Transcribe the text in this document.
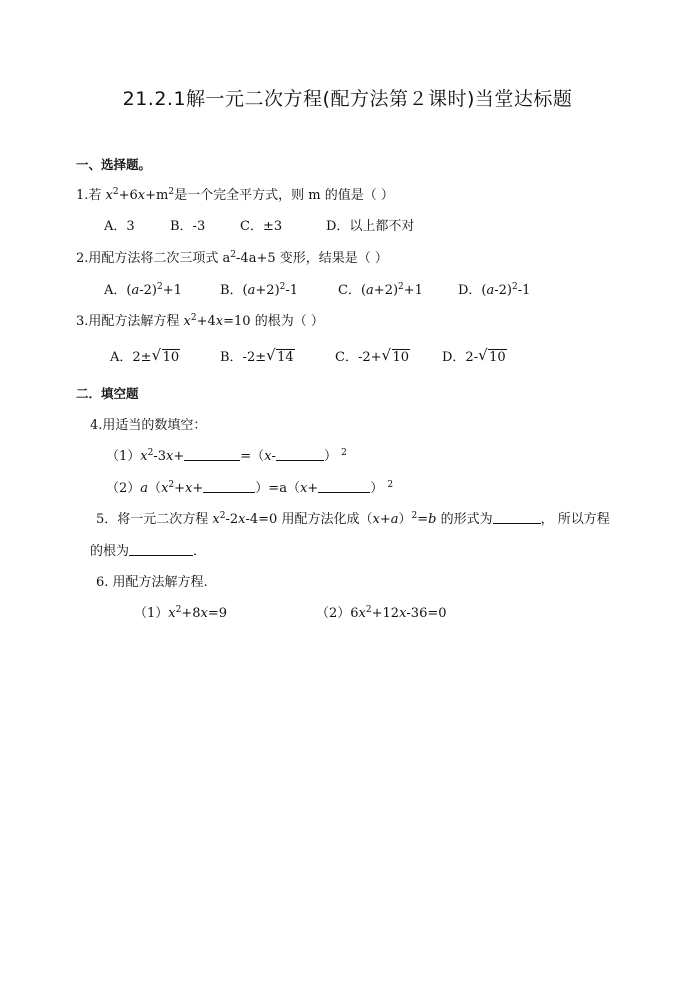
21.2.1解一元二次方程(配方法第２课时)当堂达标题
一、选择题。
1.若 $x^2+6x+m^2$是一个完全平方式，则 m 的值是（ ）
A．3	B．-3	C．±3	D．以上都不对
2.用配方法将二次三项式 $a^2-4a+5$ 变形，结果是（ ）
A．$(a-2)^2+1$	B．$(a+2)^2-1$	C．$(a+2)^2+1$	D．$(a-2)^2-1$
3.用配方法解方程 $x^2+4x=10$ 的根为（ ）
A．2± √ 10	B．-2± √ 14	C．-2+ √ 10	D．2- √ 10
二．填空题
4.用适当的数填空：
$(1)x^2-3x+$	=（x-	） $^2$
$(2)a(x^2+x+$	）=a（x+	） $^2$
5．将一元二次方程 $x^2-2x-4=0$ 用配方法化成$(x+a)^2=b$ 的形式为	， 所以方程
的根为	．
6. 用配方法解方程.
$(1)x^2+8x=9$	$(2)6x^2+12x-36=0$
